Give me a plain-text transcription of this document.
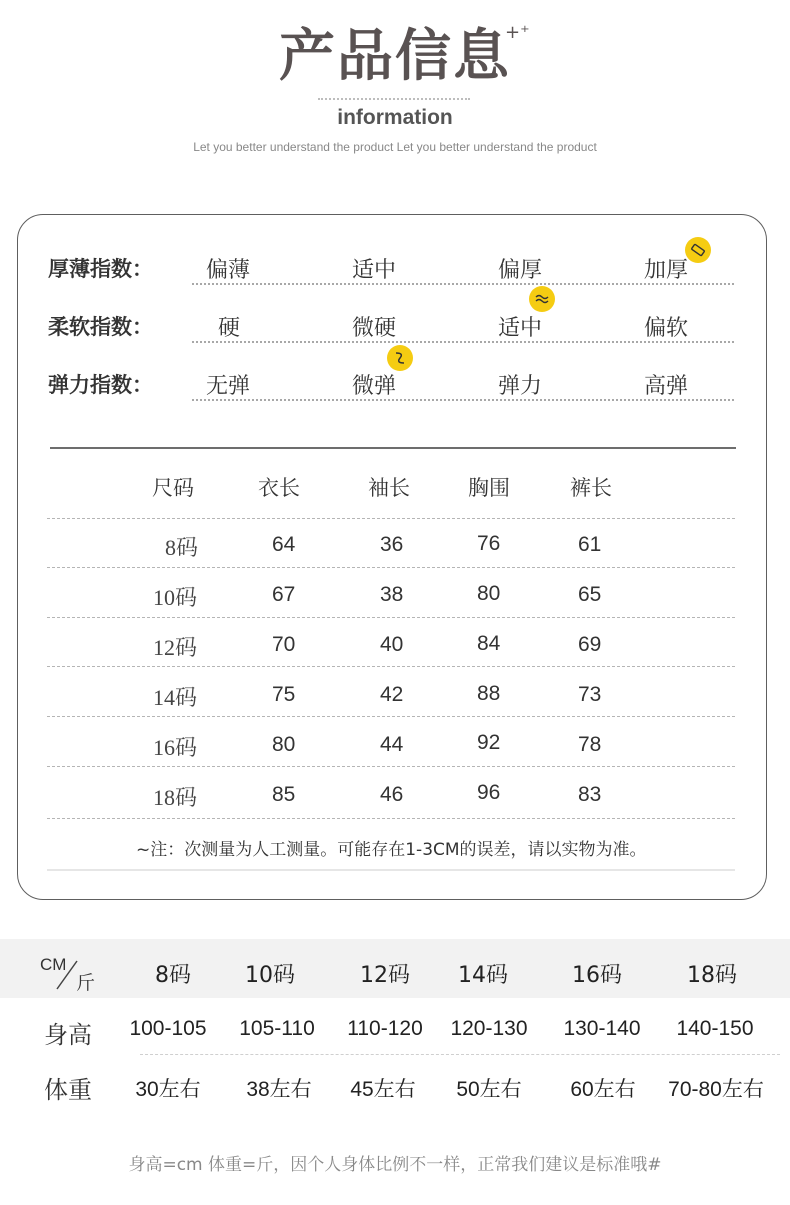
产品信息
+⁺
information
Let you better understand the product Let you better understand the product
厚薄指数： 偏薄	适中	偏厚	加厚
柔软指数：	硬	微硬	适中	偏软
弹力指数： 无弹	微弹	弹力	高弹
尺码	衣长	袖长	胸围	裤长
8码	64	36	76	61
10码	67	38	80	65
12码	70	40	84	69
14码	75	42	88	73
16码	80	44	92	78
18码	85	46	96	83
~注：次测量为人工测量。可能存在1-3CM的误差，请以实物为准。
CM
斤	8码	10码	12码	14码	16码	18码
身高	100-105	105-110	110-120	120-130	130-140	140-150
体重	30左右	38左右	45左右	50左右	60左右	70-80左右
身高=cm 体重=斤，因个人身体比例不一样，正常我们建议是标准哦#
